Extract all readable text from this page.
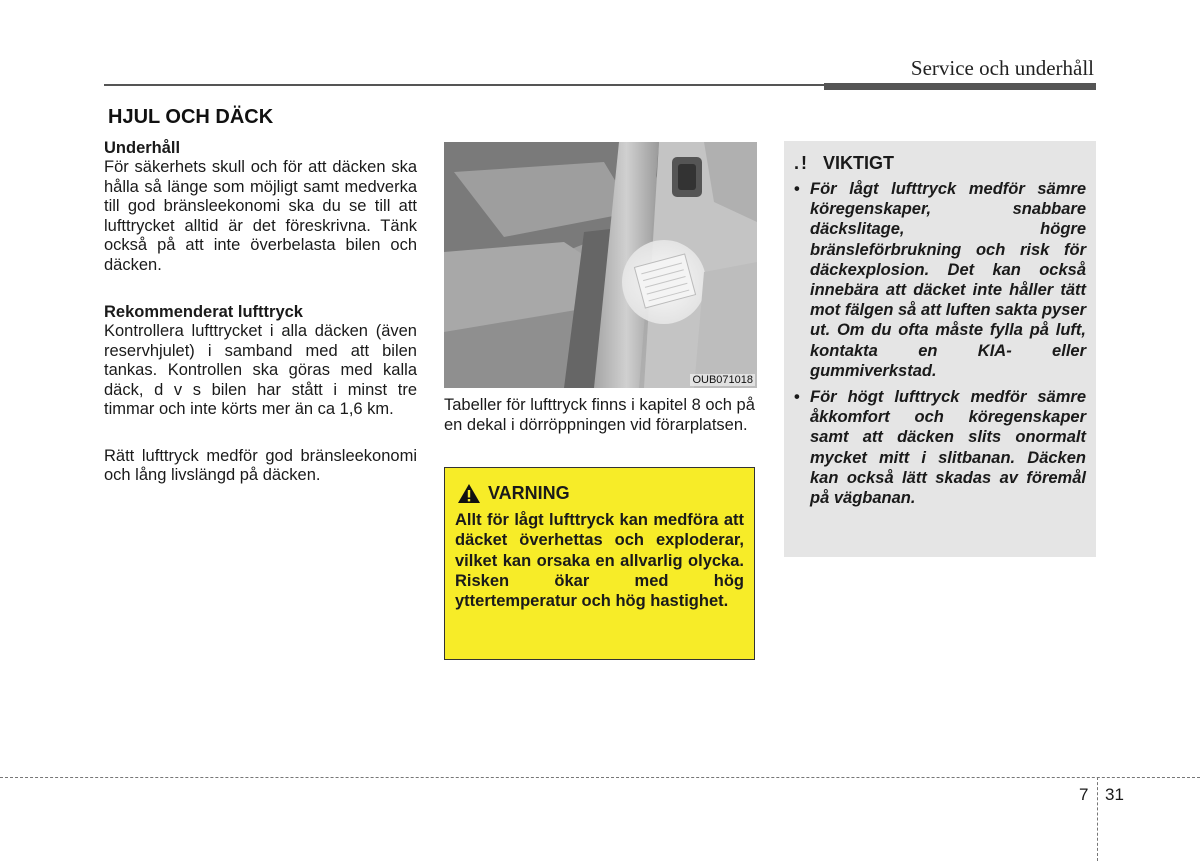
Service och underhåll
HJUL OCH DÄCK

Underhåll

För säkerhets skull och för att däcken ska hålla så länge som möjligt samt medverka till god bränsleekonomi ska du se till att lufttrycket alltid är det föreskrivna. Tänk också på att inte överbelasta bilen och däcken.

Rekommenderat lufttryck

Kontrollera lufttrycket i alla däcken (även reservhjulet) i samband med att bilen tankas. Kontrollen ska göras med kalla däck, d v s bilen har stått i minst tre timmar och inte körts mer än ca 1,6 km.

Rätt lufttryck medför god bränsleekonomi och lång livslängd på däcken.

OUB071018
Tabeller för lufttryck finns i kapitel 8 och på en dekal i dörröppningen vid förarplatsen.
VARNING
Allt för lågt lufttryck kan medföra att däcket överhettas och exploderar, vilket kan orsaka en allvarlig olycka. Risken ökar med hög yttertemperatur och hög hastighet.
.! VIKTIGT
• För lågt lufttryck medför sämre köregenskaper, snabbare däckslitage, högre bränsleförbrukning och risk för däckexplosion. Det kan också innebära att däcket inte håller tätt mot fälgen så att luften sakta pyser ut. Om du ofta måste fylla på luft, kontakta en KIA- eller gummiverkstad.
• För högt lufttryck medför sämre åkkomfort och köregenskaper samt att däcken slits onormalt mycket mitt i slitbanan. Däcken kan också lätt skadas av föremål på vägbanan.
7 31
